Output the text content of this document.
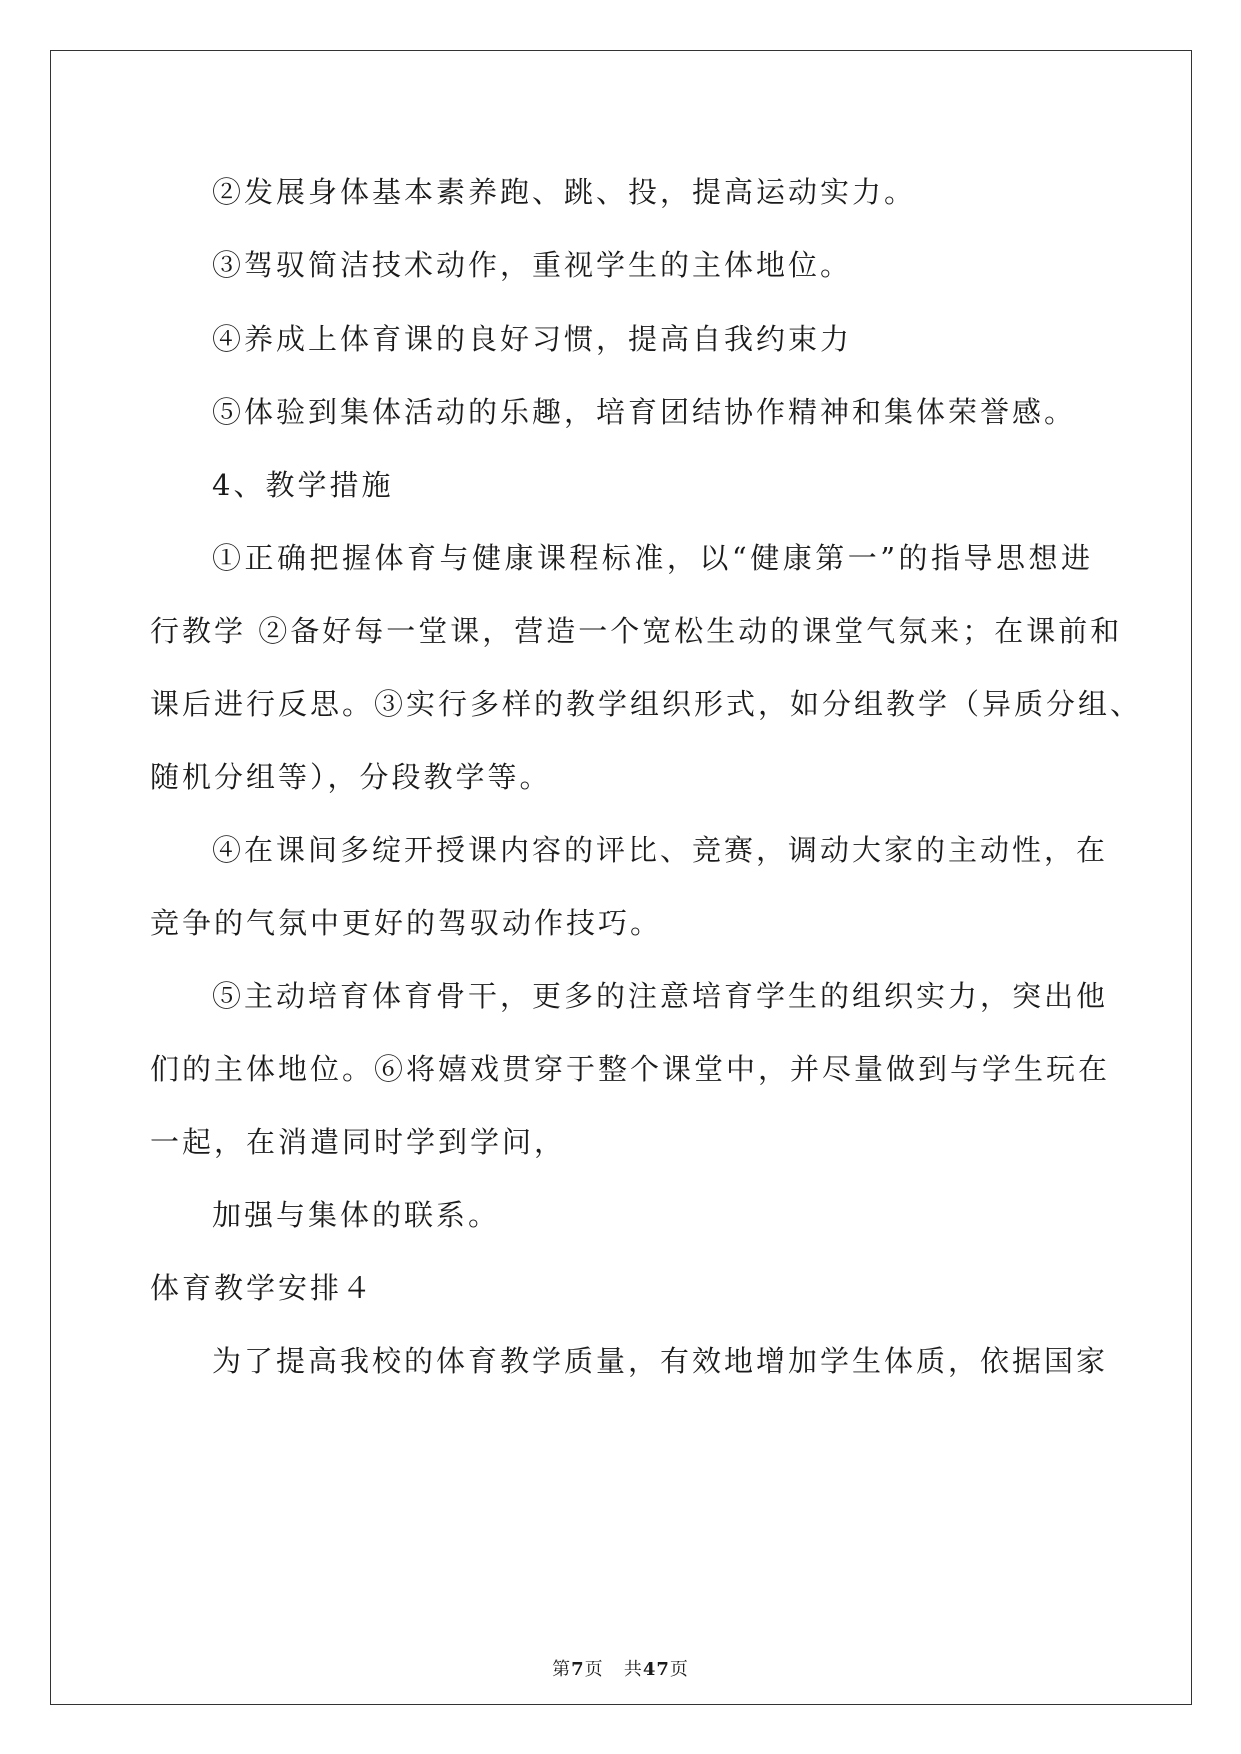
②发展身体基本素养跑、跳、投，提高运动实力。
③驾驭简洁技术动作，重视学生的主体地位。
④养成上体育课的良好习惯，提高自我约束力
⑤体验到集体活动的乐趣，培育团结协作精神和集体荣誉感。
4、教学措施
①正确把握体育与健康课程标准，以“健康第一”的指导思想进
行教学 ②备好每一堂课，营造一个宽松生动的课堂气氛来；在课前和
课后进行反思。③实行多样的教学组织形式，如分组教学（异质分组、
随机分组等），分段教学等。
④在课间多绽开授课内容的评比、竞赛，调动大家的主动性，在
竞争的气氛中更好的驾驭动作技巧。
⑤主动培育体育骨干，更多的注意培育学生的组织实力，突出他
们的主体地位。⑥将嬉戏贯穿于整个课堂中，并尽量做到与学生玩在
一起，在消遣同时学到学问，
加强与集体的联系。
体育教学安排４
为了提高我校的体育教学质量，有效地增加学生体质，依据国家
第7页 共47页
